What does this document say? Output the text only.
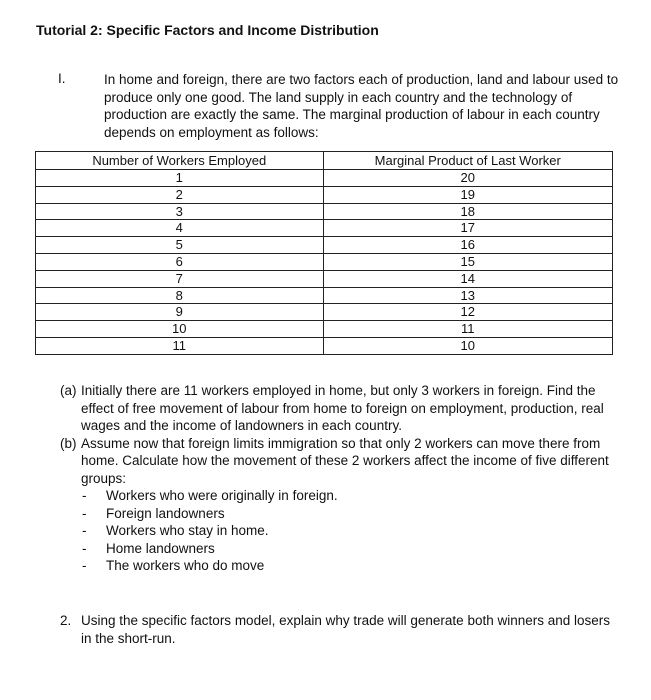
Tutorial 2: Specific Factors and Income Distribution
I.	In home and foreign, there are two factors each of production, land and labour used to produce only one good. The land supply in each country and the technology of production are exactly the same. The marginal production of labour in each country depends on employment as follows:
Number of Workers Employed	Marginal Product of Last Worker
1	20
2	19
3	18
4	17
5	16
6	15
7	14
8	13
9	12
10	11
11	10
(a) Initially there are 11 workers employed in home, but only 3 workers in foreign. Find the effect of free movement of labour from home to foreign on employment, production, real wages and the income of landowners in each country.
(b) Assume now that foreign limits immigration so that only 2 workers can move there from home. Calculate how the movement of these 2 workers affect the income of five different groups:
-	Workers who were originally in foreign.
-	Foreign landowners
-	Workers who stay in home.
-	Home landowners
-	The workers who do move
2. Using the specific factors model, explain why trade will generate both winners and losers in the short-run.
